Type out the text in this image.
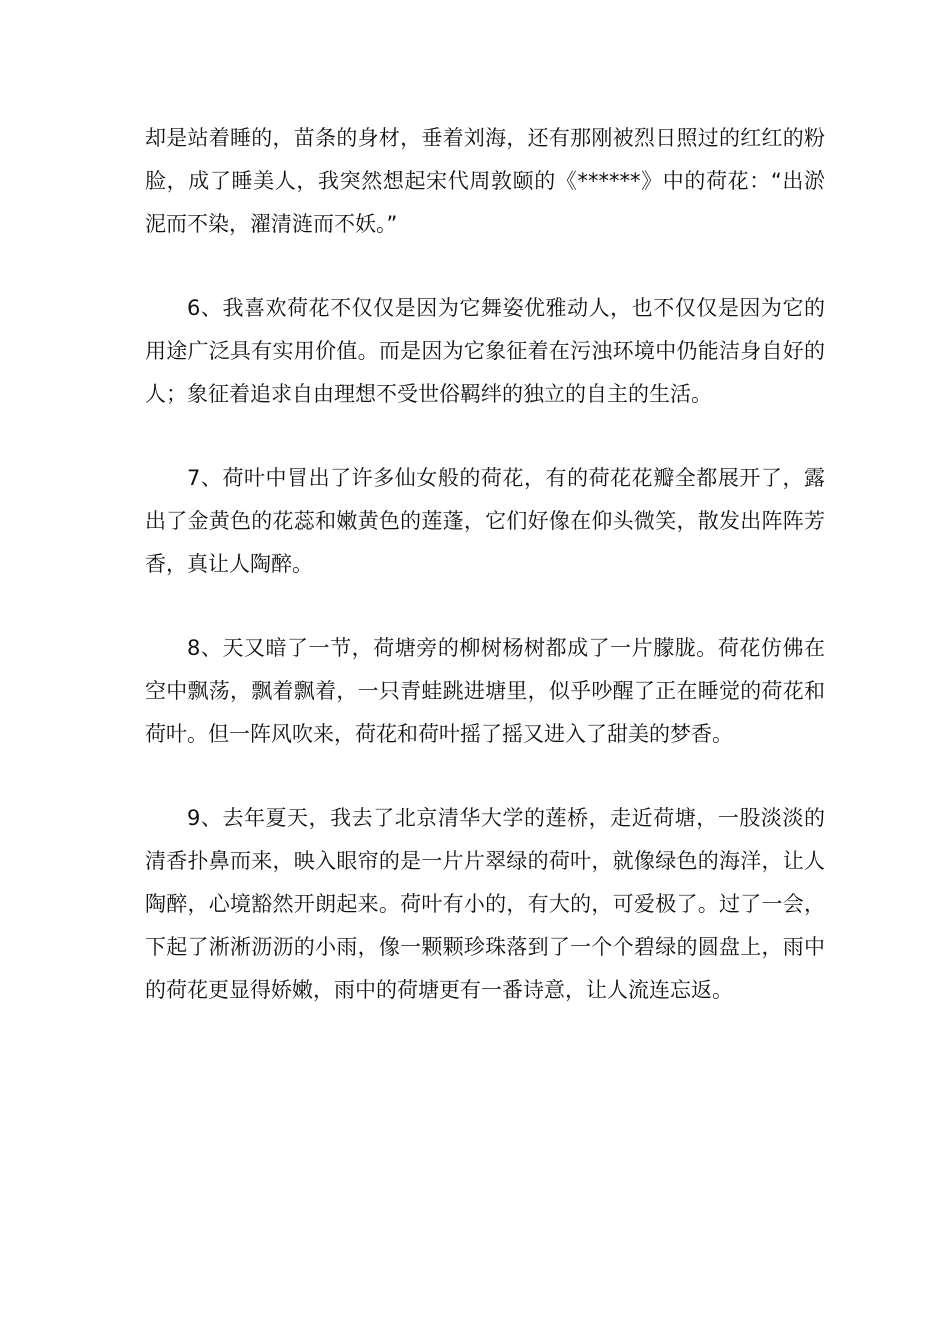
却是站着睡的，苗条的身材，垂着刘海，还有那刚被烈日照过的红红的粉脸，成了睡美人，我突然想起宋代周敦颐的《******》中的荷花：“出淤泥而不染，濯清涟而不妖。”

6、我喜欢荷花不仅仅是因为它舞姿优雅动人，也不仅仅是因为它的用途广泛具有实用价值。而是因为它象征着在污浊环境中仍能洁身自好的人；象征着追求自由理想不受世俗羁绊的独立的自主的生活。

7、荷叶中冒出了许多仙女般的荷花，有的荷花花瓣全都展开了，露出了金黄色的花蕊和嫩黄色的莲蓬，它们好像在仰头微笑，散发出阵阵芳香，真让人陶醉。

8、天又暗了一节，荷塘旁的柳树杨树都成了一片朦胧。荷花仿佛在空中飘荡，飘着飘着，一只青蛙跳进塘里，似乎吵醒了正在睡觉的荷花和荷叶。但一阵风吹来，荷花和荷叶摇了摇又进入了甜美的梦香。

9、去年夏天，我去了北京清华大学的莲桥，走近荷塘，一股淡淡的清香扑鼻而来，映入眼帘的是一片片翠绿的荷叶，就像绿色的海洋，让人陶醉，心境豁然开朗起来。荷叶有小的，有大的，可爱极了。过了一会，下起了淅淅沥沥的小雨，像一颗颗珍珠落到了一个个碧绿的圆盘上，雨中的荷花更显得娇嫩，雨中的荷塘更有一番诗意，让人流连忘返。
